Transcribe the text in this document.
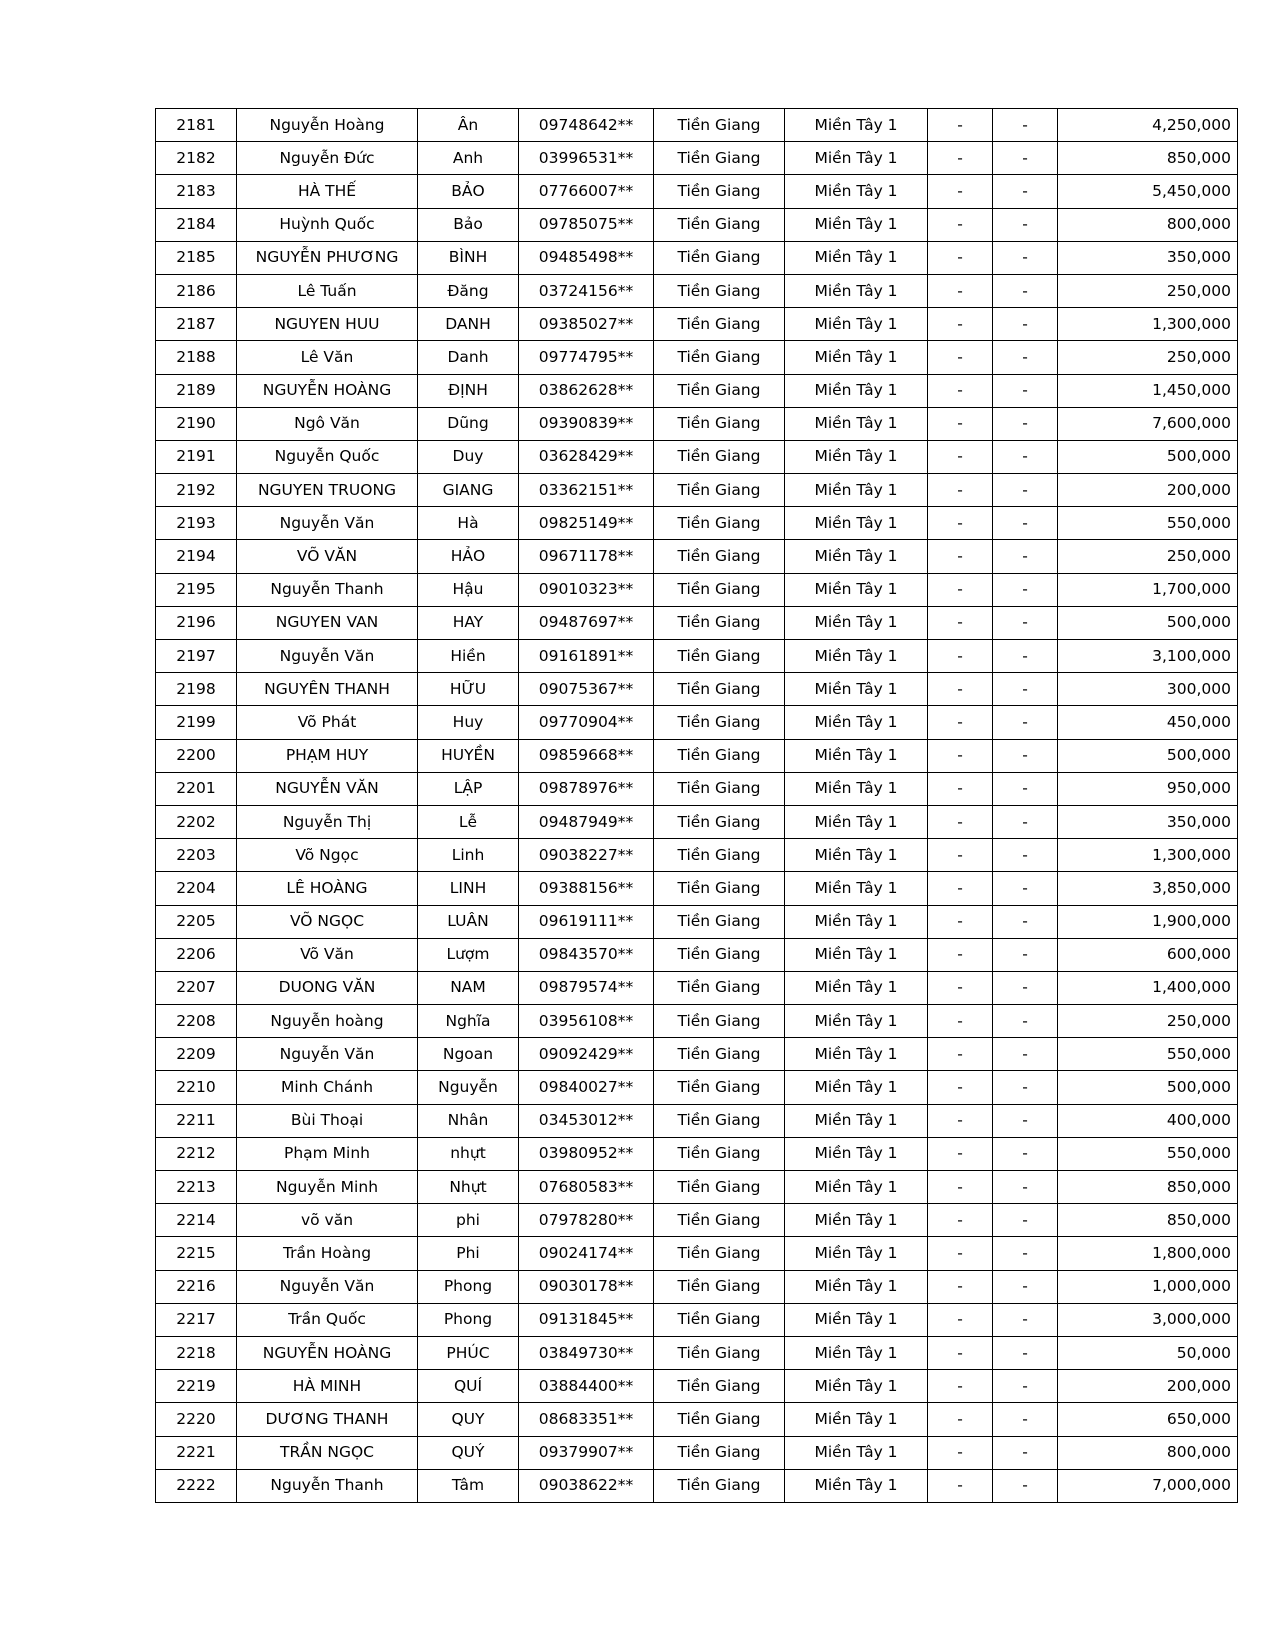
2181	Nguyễn Hoàng	Ân	09748642**	Tiền Giang	Miền Tây 1	-	-	4,250,000
2182	Nguyễn Đức	Anh	03996531**	Tiền Giang	Miền Tây 1	-	-	850,000
2183	HÀ THẾ	BẢO	07766007**	Tiền Giang	Miền Tây 1	-	-	5,450,000
2184	Huỳnh Quốc	Bảo	09785075**	Tiền Giang	Miền Tây 1	-	-	800,000
2185	NGUYỄN PHƯƠNG	BÌNH	09485498**	Tiền Giang	Miền Tây 1	-	-	350,000
2186	Lê Tuấn	Đăng	03724156**	Tiền Giang	Miền Tây 1	-	-	250,000
2187	NGUYEN HUU	DANH	09385027**	Tiền Giang	Miền Tây 1	-	-	1,300,000
2188	Lê Văn	Danh	09774795**	Tiền Giang	Miền Tây 1	-	-	250,000
2189	NGUYỄN HOÀNG	ĐỊNH	03862628**	Tiền Giang	Miền Tây 1	-	-	1,450,000
2190	Ngô Văn	Dũng	09390839**	Tiền Giang	Miền Tây 1	-	-	7,600,000
2191	Nguyễn Quốc	Duy	03628429**	Tiền Giang	Miền Tây 1	-	-	500,000
2192	NGUYEN TRUONG	GIANG	03362151**	Tiền Giang	Miền Tây 1	-	-	200,000
2193	Nguyễn Văn	Hà	09825149**	Tiền Giang	Miền Tây 1	-	-	550,000
2194	VÕ VĂN	HẢO	09671178**	Tiền Giang	Miền Tây 1	-	-	250,000
2195	Nguyễn Thanh	Hậu	09010323**	Tiền Giang	Miền Tây 1	-	-	1,700,000
2196	NGUYEN VAN	HAY	09487697**	Tiền Giang	Miền Tây 1	-	-	500,000
2197	Nguyễn Văn	Hiền	09161891**	Tiền Giang	Miền Tây 1	-	-	3,100,000
2198	NGUYÊN THANH	HỮU	09075367**	Tiền Giang	Miền Tây 1	-	-	300,000
2199	Võ Phát	Huy	09770904**	Tiền Giang	Miền Tây 1	-	-	450,000
2200	PHẠM HUY	HUYỀN	09859668**	Tiền Giang	Miền Tây 1	-	-	500,000
2201	NGUYỄN VĂN	LẬP	09878976**	Tiền Giang	Miền Tây 1	-	-	950,000
2202	Nguyễn Thị	Lễ	09487949**	Tiền Giang	Miền Tây 1	-	-	350,000
2203	Võ Ngọc	Linh	09038227**	Tiền Giang	Miền Tây 1	-	-	1,300,000
2204	LÊ HOÀNG	LINH	09388156**	Tiền Giang	Miền Tây 1	-	-	3,850,000
2205	VÕ NGỌC	LUÂN	09619111**	Tiền Giang	Miền Tây 1	-	-	1,900,000
2206	Võ Văn	Lượm	09843570**	Tiền Giang	Miền Tây 1	-	-	600,000
2207	DUONG VĂN	NAM	09879574**	Tiền Giang	Miền Tây 1	-	-	1,400,000
2208	Nguyễn hoàng	Nghĩa	03956108**	Tiền Giang	Miền Tây 1	-	-	250,000
2209	Nguyễn Văn	Ngoan	09092429**	Tiền Giang	Miền Tây 1	-	-	550,000
2210	Minh Chánh	Nguyễn	09840027**	Tiền Giang	Miền Tây 1	-	-	500,000
2211	Bùi Thoại	Nhân	03453012**	Tiền Giang	Miền Tây 1	-	-	400,000
2212	Phạm Minh	nhựt	03980952**	Tiền Giang	Miền Tây 1	-	-	550,000
2213	Nguyễn Minh	Nhựt	07680583**	Tiền Giang	Miền Tây 1	-	-	850,000
2214	võ văn	phi	07978280**	Tiền Giang	Miền Tây 1	-	-	850,000
2215	Trần Hoàng	Phi	09024174**	Tiền Giang	Miền Tây 1	-	-	1,800,000
2216	Nguyễn Văn	Phong	09030178**	Tiền Giang	Miền Tây 1	-	-	1,000,000
2217	Trần Quốc	Phong	09131845**	Tiền Giang	Miền Tây 1	-	-	3,000,000
2218	NGUYỄN HOÀNG	PHÚC	03849730**	Tiền Giang	Miền Tây 1	-	-	50,000
2219	HÀ MINH	QUÍ	03884400**	Tiền Giang	Miền Tây 1	-	-	200,000
2220	DƯƠNG THANH	QUY	08683351**	Tiền Giang	Miền Tây 1	-	-	650,000
2221	TRẦN NGỌC	QUÝ	09379907**	Tiền Giang	Miền Tây 1	-	-	800,000
2222	Nguyễn Thanh	Tâm	09038622**	Tiền Giang	Miền Tây 1	-	-	7,000,000
